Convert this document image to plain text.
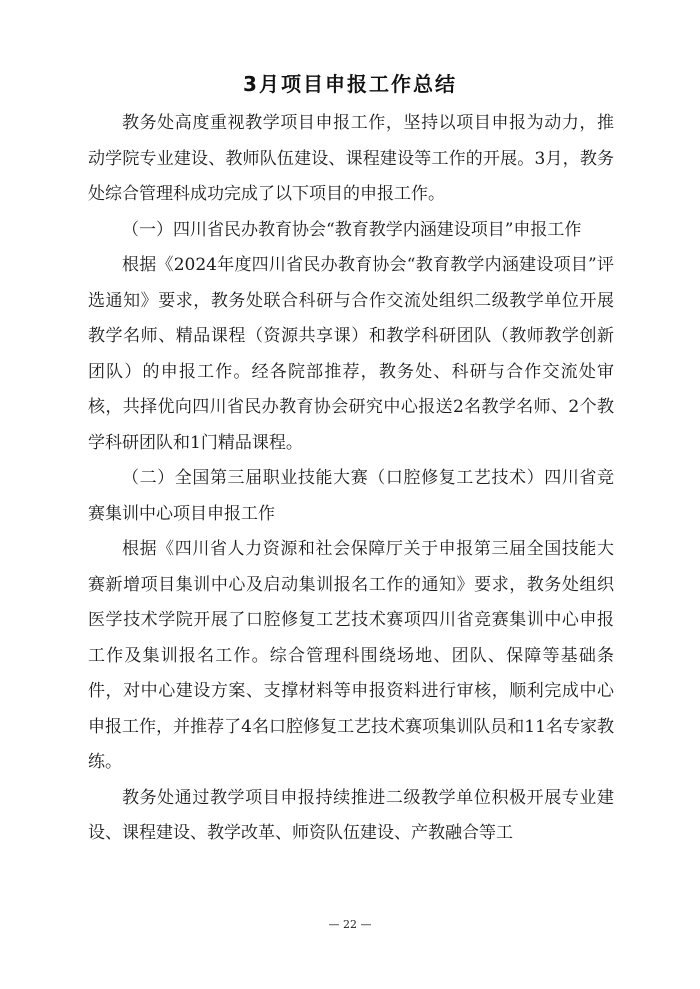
3月项目申报工作总结

教务处高度重视教学项目申报工作，坚持以项目申报为动力，推动学院专业建设、教师队伍建设、课程建设等工作的开展。3月，教务处综合管理科成功完成了以下项目的申报工作。

（一）四川省民办教育协会“教育教学内涵建设项目”申报工作

根据《2024年度四川省民办教育协会“教育教学内涵建设项目”评选通知》要求，教务处联合科研与合作交流处组织二级教学单位开展教学名师、精品课程（资源共享课）和教学科研团队（教师教学创新团队）的申报工作。经各院部推荐，教务处、科研与合作交流处审核，共择优向四川省民办教育协会研究中心报送2名教学名师、2个教学科研团队和1门精品课程。

（二）全国第三届职业技能大赛（口腔修复工艺技术）四川省竞赛集训中心项目申报工作

根据《四川省人力资源和社会保障厅关于申报第三届全国技能大赛新增项目集训中心及启动集训报名工作的通知》要求，教务处组织医学技术学院开展了口腔修复工艺技术赛项四川省竞赛集训中心申报工作及集训报名工作。综合管理科围绕场地、团队、保障等基础条件，对中心建设方案、支撑材料等申报资料进行审核，顺利完成中心申报工作，并推荐了4名口腔修复工艺技术赛项集训队员和11名专家教练。

教务处通过教学项目申报持续推进二级教学单位积极开展专业建设、课程建设、教学改革、师资队伍建设、产教融合等工

— 22 —
